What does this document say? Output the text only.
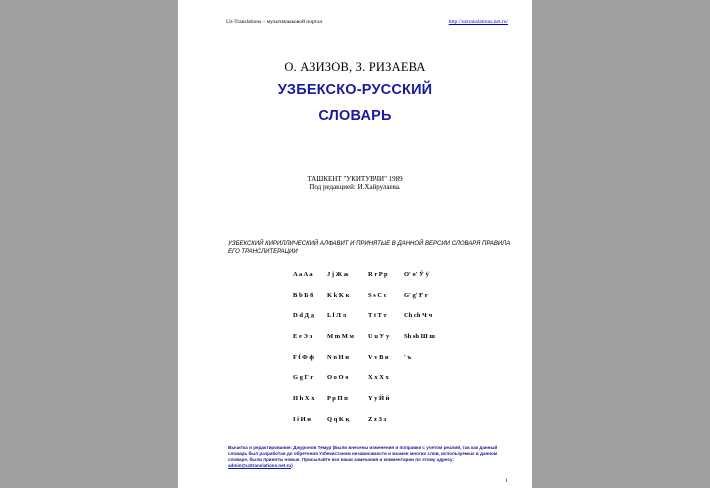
Uz-Translations – мультиязыковой портал	http://uztranslations.net.ru/
О. АЗИЗОВ, З. РИЗАЕВА
УЗБЕКСКО-РУССКИЙ
СЛОВАРЬ
ТАШКЕНТ "УКИТУВЧИ" 1989
Под редакцией: И.Хайрулаева.
УЗБЕКСКИЙ КИРИЛЛИЧЕСКИЙ АЛФАВИТ И ПРИНЯТЫЕ В ДАННОЙ ВЕРСИИ СЛОВАРЯ ПРАВИЛА ЕГО ТРАНСЛИТЕРАЦИИ
A a A а	J j Ж ж	R r P p	O' o' Ў ў
B b Б б	K k K к	S s C c	G' g' Ғ ғ
D d Д д	L l Л л	T t T т	Ch ch Ч ч
E e Э э	M m M м	U u У у	Sh sh Ш ш
F f Ф ф	N n Н н	V v В в	' ъ
G g Г г	O o O о	X x X x
H h X x	P p П п	Y y Й й
I i И и	Q q K қ	Z z З з
Вычитка и редактирование: Джуронов Темур (Были внесены изменения и поправки с учетом реалий, так как данный словарь был разработан до обретения Узбекистаном независимости и взамен многих слов, используемых в данном словаре, были приняты новые. Присылайте все ваши замечания и комментарии по этому адресу:
admin@uztranslations.net.ru)
1
